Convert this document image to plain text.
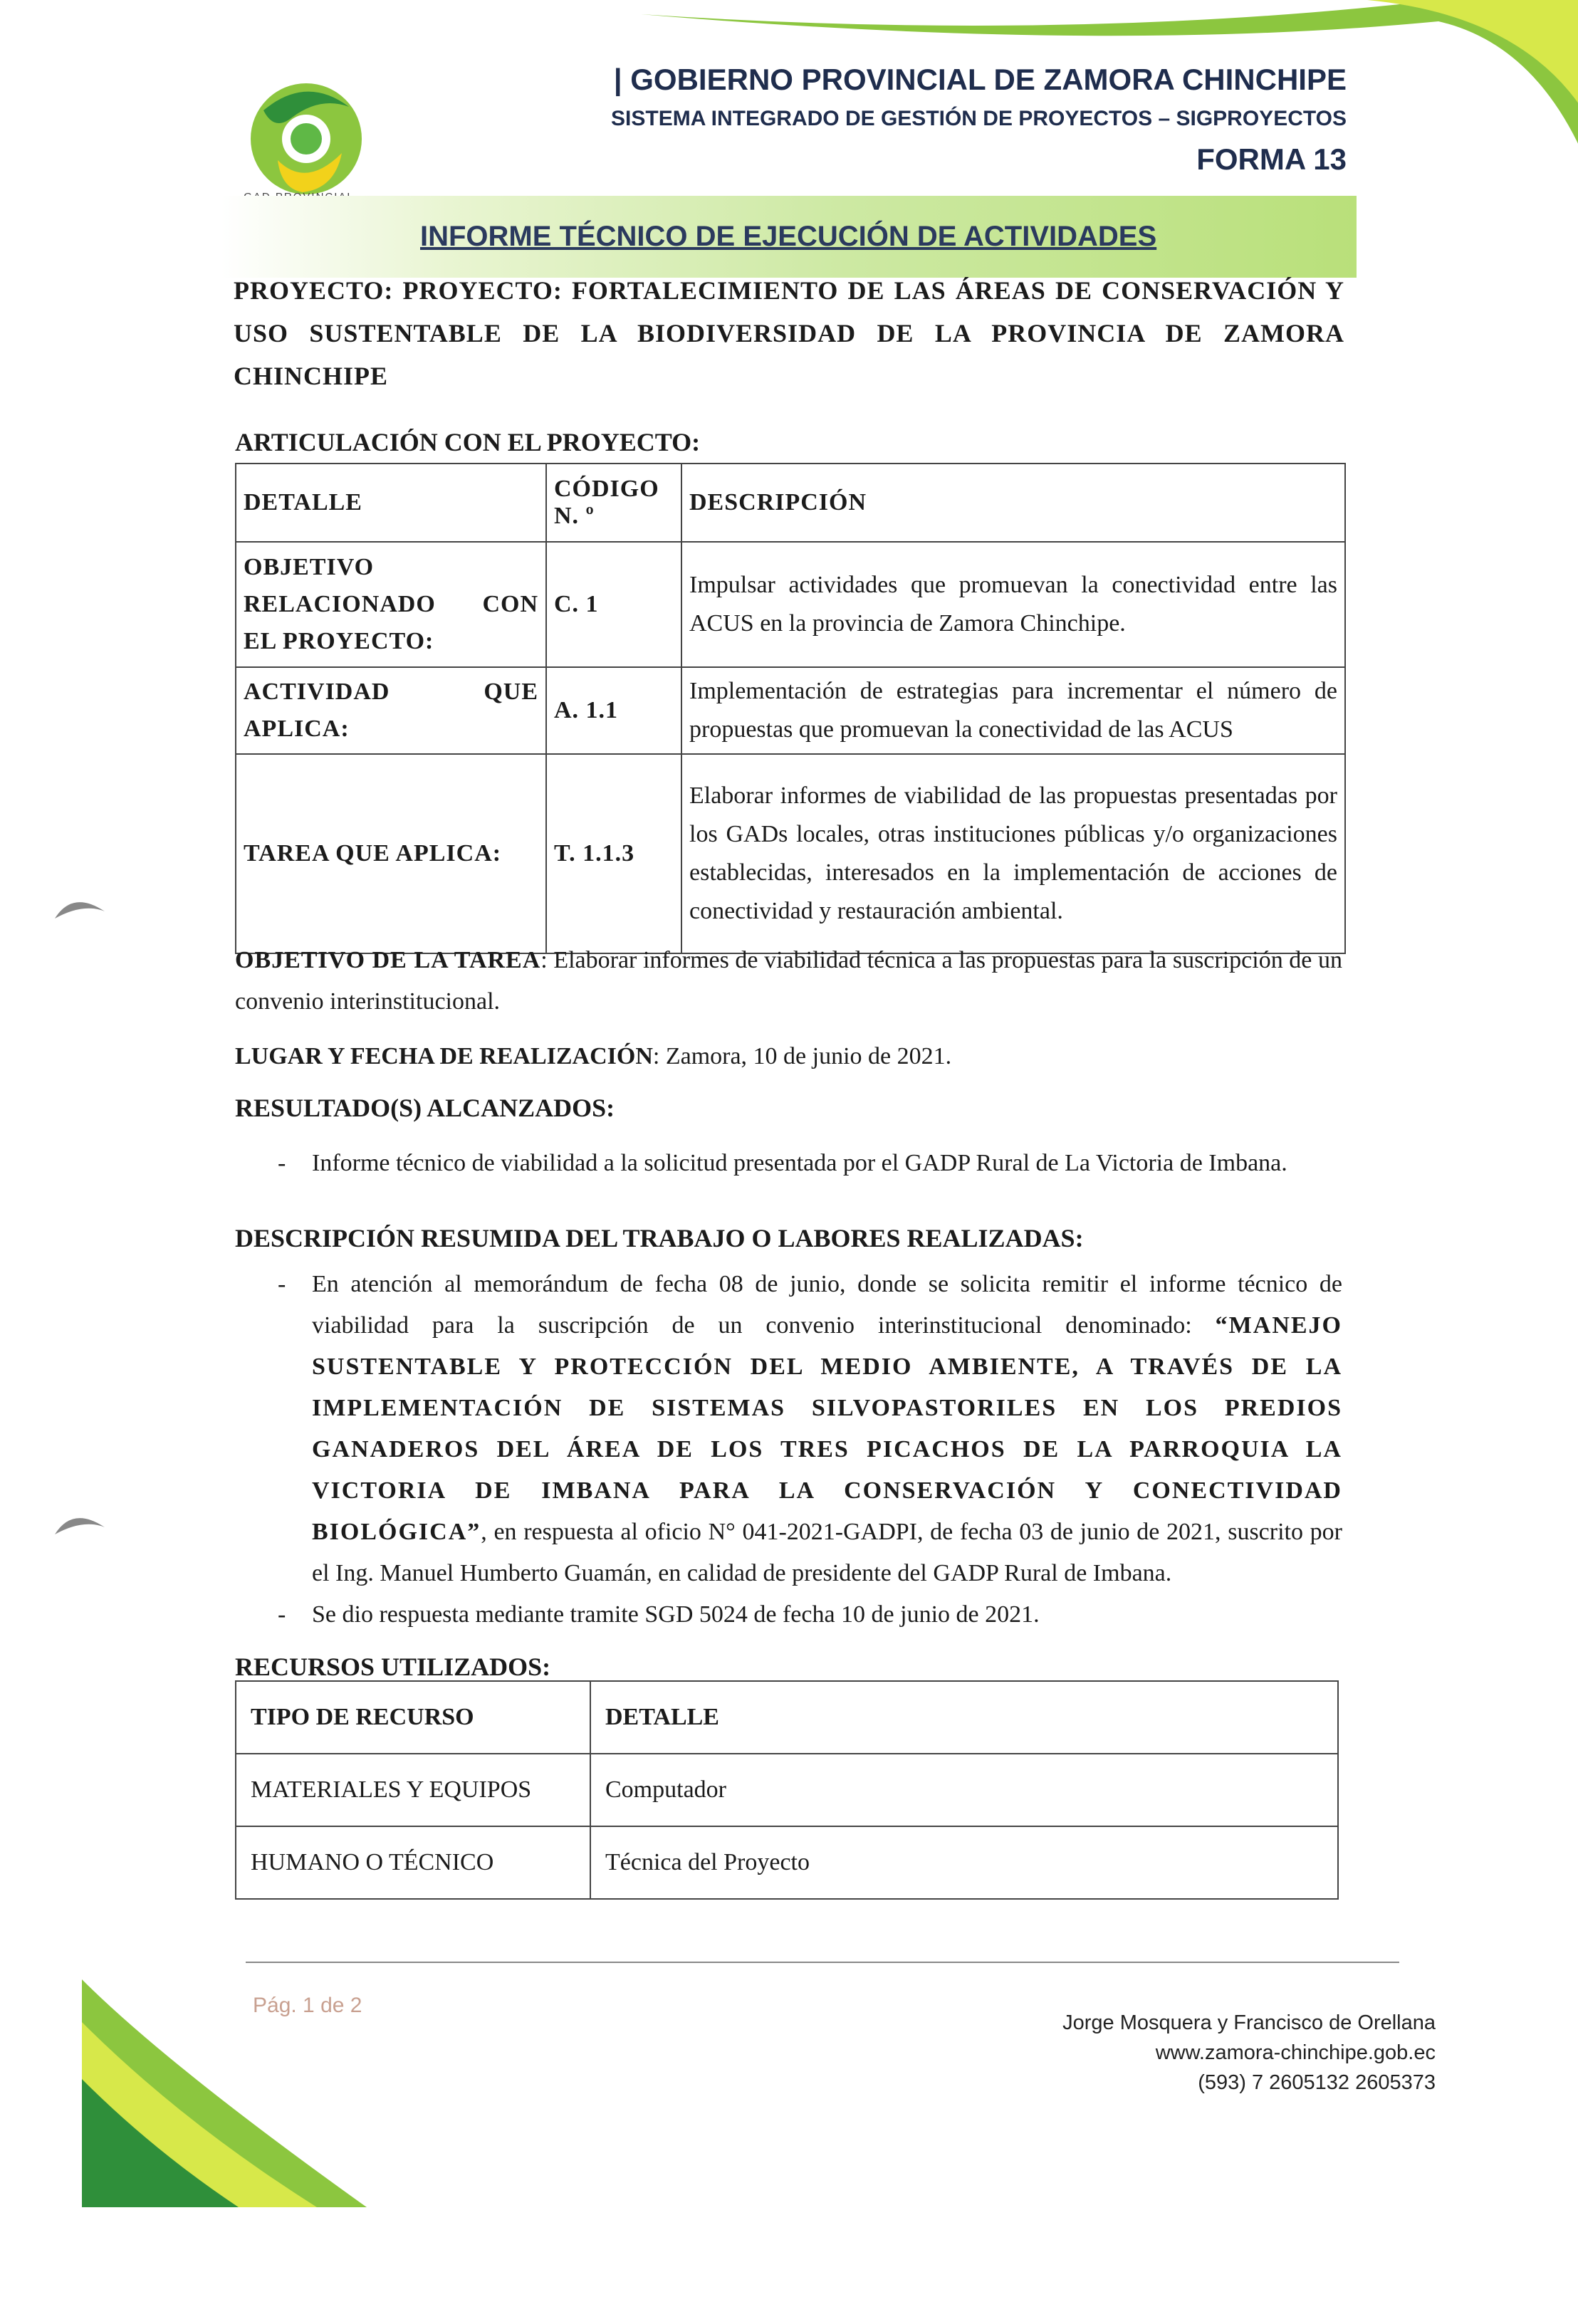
| GOBIERNO PROVINCIAL DE ZAMORA CHINCHIPE
SISTEMA INTEGRADO DE GESTIÓN DE PROYECTOS – SIGPROYECTOS
FORMA 13
INFORME TÉCNICO DE EJECUCIÓN DE ACTIVIDADES
PROYECTO: PROYECTO: FORTALECIMIENTO DE LAS ÁREAS DE CONSERVACIÓN Y USO SUSTENTABLE DE LA BIODIVERSIDAD DE LA PROVINCIA DE ZAMORA CHINCHIPE
ARTICULACIÓN CON EL PROYECTO:
DETALLE	CÓDIGO N. º	DESCRIPCIÓN
OBJETIVO RELACIONADO CON EL PROYECTO:	C. 1	Impulsar actividades que promuevan la conectividad entre las ACUS en la provincia de Zamora Chinchipe.
ACTIVIDAD QUE APLICA:	A. 1.1	Implementación de estrategias para incrementar el número de propuestas que promuevan la conectividad de las ACUS
TAREA QUE APLICA:	T. 1.1.3	Elaborar informes de viabilidad de las propuestas presentadas por los GADs locales, otras instituciones públicas y/o organizaciones establecidas, interesados en la implementación de acciones de conectividad y restauración ambiental.
OBJETIVO DE LA TAREA: Elaborar informes de viabilidad técnica a las propuestas para la suscripción de un convenio interinstitucional.
LUGAR Y FECHA DE REALIZACIÓN: Zamora, 10 de junio de 2021.
RESULTADO(S) ALCANZADOS:
- Informe técnico de viabilidad a la solicitud presentada por el GADP Rural de La Victoria de Imbana.
DESCRIPCIÓN RESUMIDA DEL TRABAJO O LABORES REALIZADAS:
- En atención al memorándum de fecha 08 de junio, donde se solicita remitir el informe técnico de viabilidad para la suscripción de un convenio interinstitucional denominado: “MANEJO SUSTENTABLE Y PROTECCIÓN DEL MEDIO AMBIENTE, A TRAVÉS DE LA IMPLEMENTACIÓN DE SISTEMAS SILVOPASTORILES EN LOS PREDIOS GANADEROS DEL ÁREA DE LOS TRES PICACHOS DE LA PARROQUIA LA VICTORIA DE IMBANA PARA LA CONSERVACIÓN Y CONECTIVIDAD BIOLÓGICA”, en respuesta al oficio N° 041-2021-GADPI, de fecha 03 de junio de 2021, suscrito por el Ing. Manuel Humberto Guamán, en calidad de presidente del GADP Rural de Imbana.
- Se dio respuesta mediante tramite SGD 5024 de fecha 10 de junio de 2021.
RECURSOS UTILIZADOS:
TIPO DE RECURSO	DETALLE
MATERIALES Y EQUIPOS	Computador
HUMANO O TÉCNICO	Técnica del Proyecto
Pág. 1 de 2
Jorge Mosquera y Francisco de Orellana
www.zamora-chinchipe.gob.ec
(593) 7 2605132 2605373
